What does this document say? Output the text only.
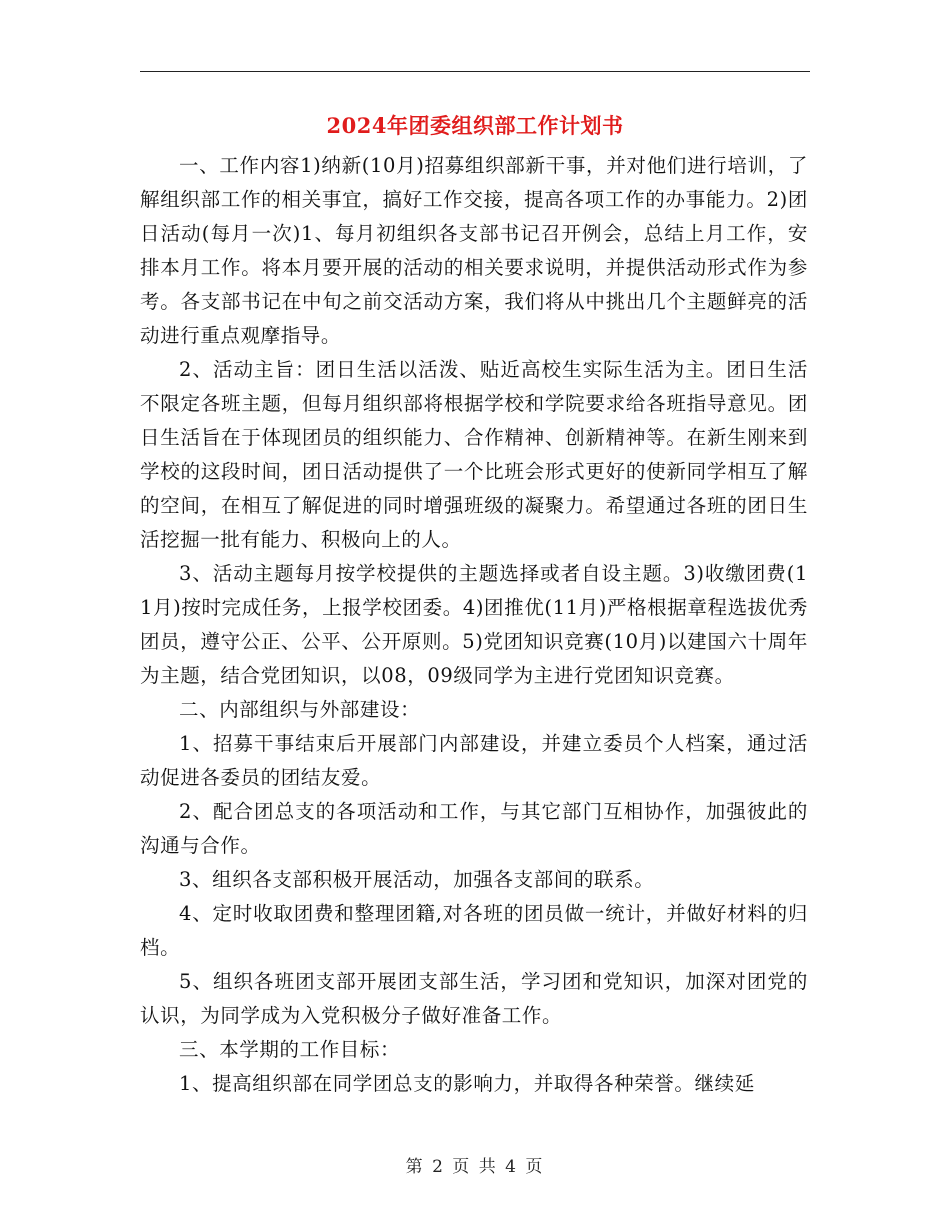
2024年团委组织部工作计划书

一、工作内容1)纳新(10月)招募组织部新干事，并对他们进行培训，了解组织部工作的相关事宜，搞好工作交接，提高各项工作的办事能力。2)团日活动(每月一次)1、每月初组织各支部书记召开例会，总结上月工作，安排本月工作。将本月要开展的活动的相关要求说明，并提供活动形式作为参考。各支部书记在中旬之前交活动方案，我们将从中挑出几个主题鲜亮的活动进行重点观摩指导。

2、活动主旨：团日生活以活泼、贴近高校生实际生活为主。团日生活不限定各班主题，但每月组织部将根据学校和学院要求给各班指导意见。团日生活旨在于体现团员的组织能力、合作精神、创新精神等。在新生刚来到学校的这段时间，团日活动提供了一个比班会形式更好的使新同学相互了解的空间，在相互了解促进的同时增强班级的凝聚力。希望通过各班的团日生活挖掘一批有能力、积极向上的人。

3、活动主题每月按学校提供的主题选择或者自设主题。3)收缴团费(11月)按时完成任务，上报学校团委。4)团推优(11月)严格根据章程选拔优秀团员，遵守公正、公平、公开原则。5)党团知识竞赛(10月)以建国六十周年为主题，结合党团知识，以08，09级同学为主进行党团知识竞赛。

二、内部组织与外部建设：

1、招募干事结束后开展部门内部建设，并建立委员个人档案，通过活动促进各委员的团结友爱。

2、配合团总支的各项活动和工作，与其它部门互相协作，加强彼此的沟通与合作。

3、组织各支部积极开展活动，加强各支部间的联系。

4、定时收取团费和整理团籍,对各班的团员做一统计，并做好材料的归档。

5、组织各班团支部开展团支部生活，学习团和党知识，加深对团党的认识，为同学成为入党积极分子做好准备工作。

三、本学期的工作目标：

1、提高组织部在同学团总支的影响力，并取得各种荣誉。继续延

第 2 页 共 4 页
